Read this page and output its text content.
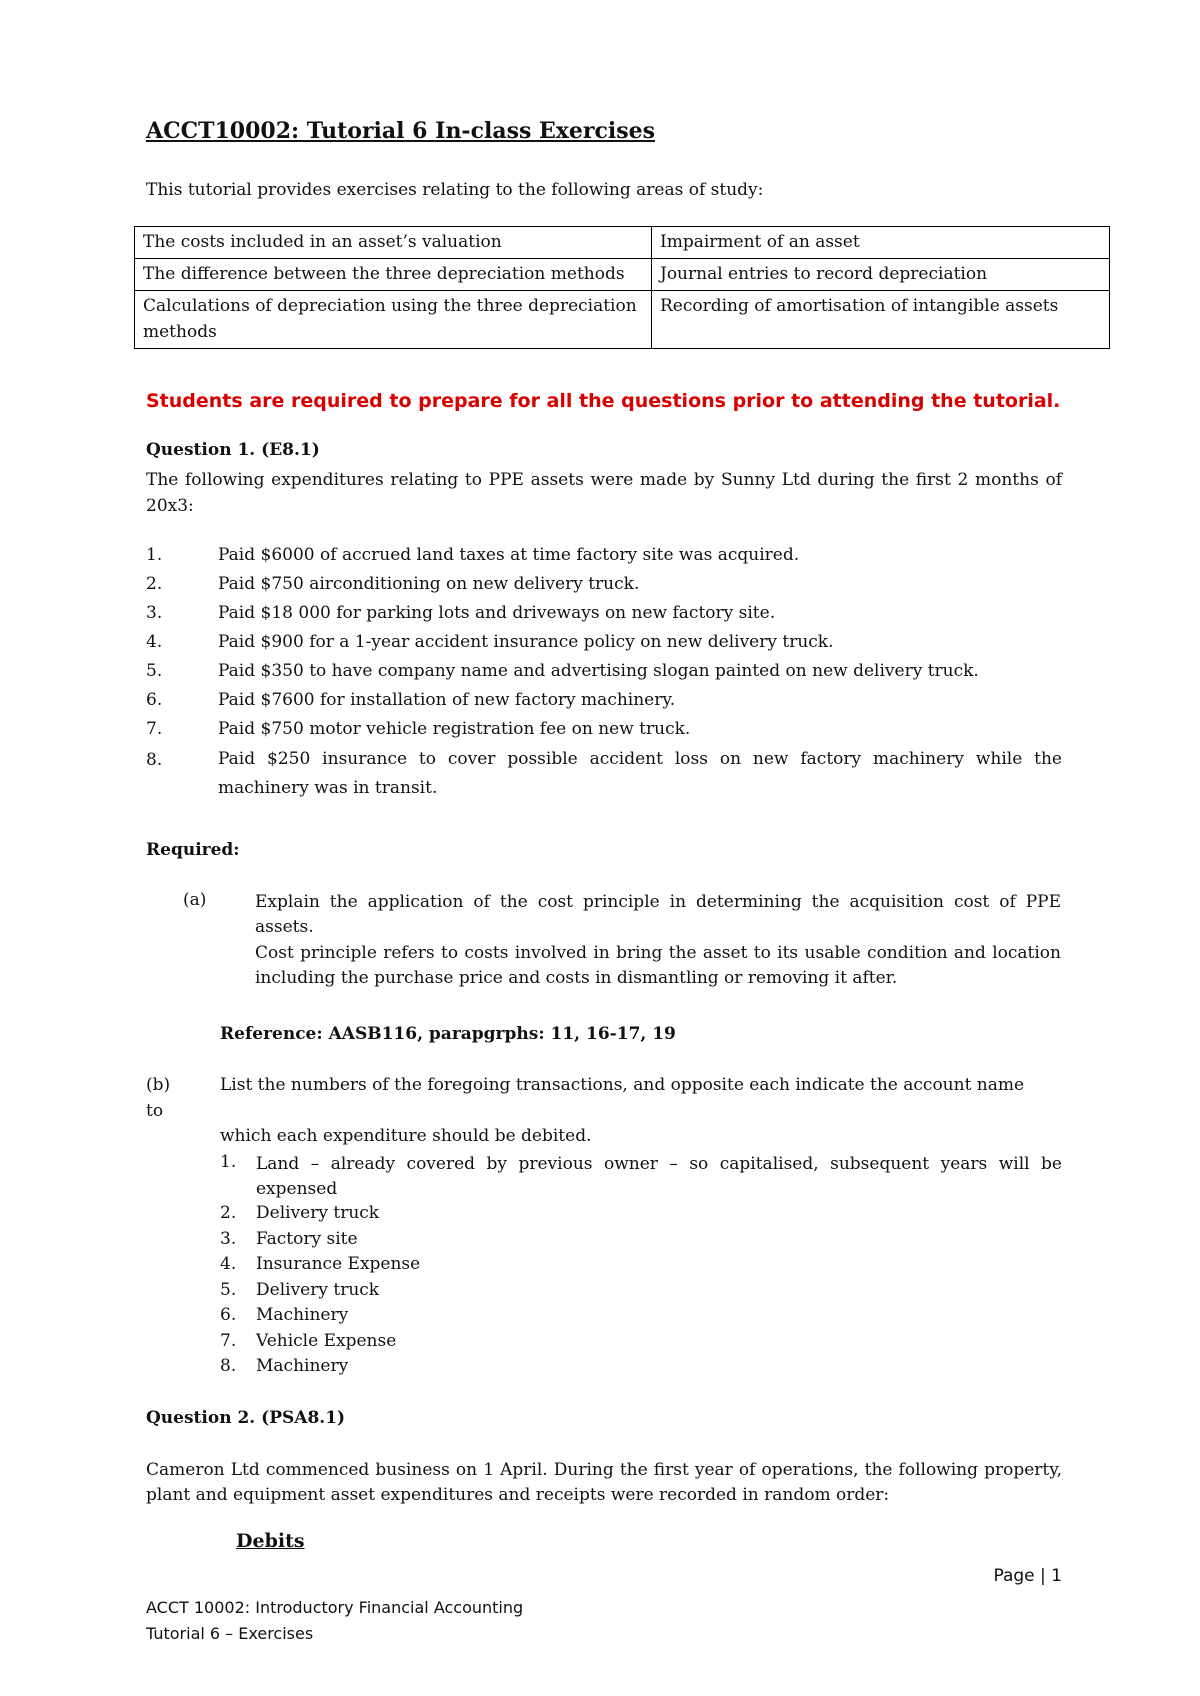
ACCT10002: Tutorial 6 In-class Exercises
This tutorial provides exercises relating to the following areas of study:
The costs included in an asset’s valuation	Impairment of an asset
The difference between the three depreciation methods	Journal entries to record depreciation
Calculations of depreciation using the three depreciation methods	Recording of amortisation of intangible assets
Students are required to prepare for all the questions prior to attending the tutorial.
Question 1. (E8.1)
The following expenditures relating to PPE assets were made by Sunny Ltd during the first 2 months of 20x3:
1.	Paid $6000 of accrued land taxes at time factory site was acquired.
2.	Paid $750 airconditioning on new delivery truck.
3.	Paid $18 000 for parking lots and driveways on new factory site.
4.	Paid $900 for a 1-year accident insurance policy on new delivery truck.
5.	Paid $350 to have company name and advertising slogan painted on new delivery truck.
6.	Paid $7600 for installation of new factory machinery.
7.	Paid $750 motor vehicle registration fee on new truck.
8.	Paid $250 insurance to cover possible accident loss on new factory machinery while the machinery was in transit.
Required:
(a)	Explain the application of the cost principle in determining the acquisition cost of PPE assets.
Cost principle refers to costs involved in bring the asset to its usable condition and location including the purchase price and costs in dismantling or removing it after.
Reference: AASB116, parapgrphs: 11, 16-17, 19
(b)
to
List the numbers of the foregoing transactions, and opposite each indicate the account name
which each expenditure should be debited.
1. Land – already covered by previous owner – so capitalised, subsequent years will be expensed
2. Delivery truck
3. Factory site
4. Insurance Expense
5. Delivery truck
6. Machinery
7. Vehicle Expense
8. Machinery
Question 2. (PSA8.1)
Cameron Ltd commenced business on 1 April. During the first year of operations, the following property, plant and equipment asset expenditures and receipts were recorded in random order:
Debits
Page | 1
ACCT 10002: Introductory Financial Accounting
Tutorial 6 – Exercises
